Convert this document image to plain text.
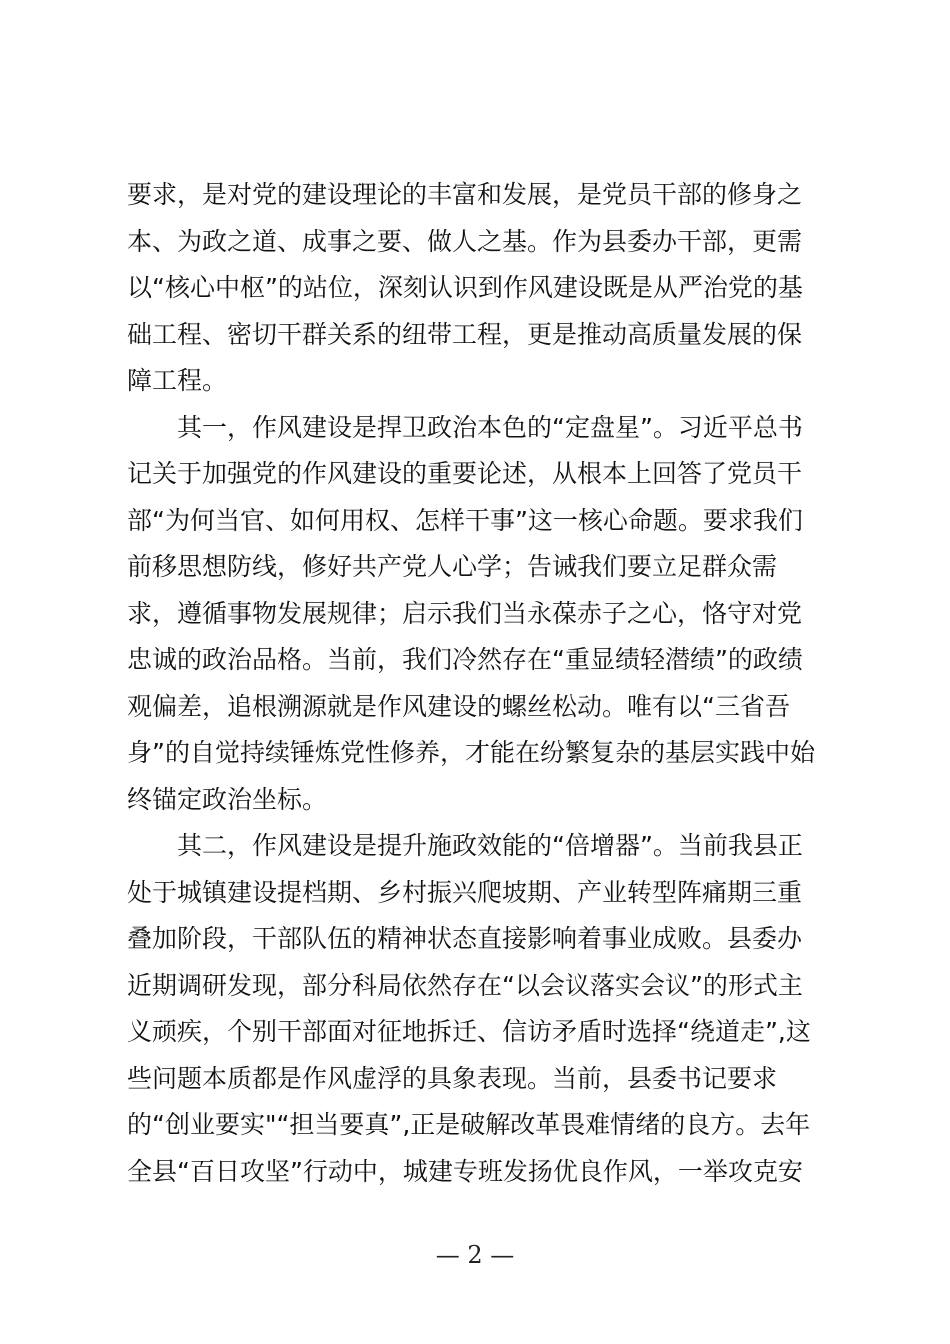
要求，是对党的建设理论的丰富和发展，是党员干部的修身之
本、为政之道、成事之要、做人之基。作为县委办干部，更需
以“核心中枢”的站位，深刻认识到作风建设既是从严治党的基
础工程、密切干群关系的纽带工程，更是推动高质量发展的保
障工程。
　　其一，作风建设是捍卫政治本色的“定盘星”。习近平总书
记关于加强党的作风建设的重要论述，从根本上回答了党员干
部“为何当官、如何用权、怎样干事”这一核心命题。要求我们
前移思想防线，修好共产党人心学；告诫我们要立足群众需
求，遵循事物发展规律；启示我们当永葆赤子之心，恪守对党
忠诚的政治品格。当前，我们冷然存在“重显绩轻潜绩”的政绩
观偏差，追根溯源就是作风建设的螺丝松动。唯有以“三省吾
身”的自觉持续锤炼党性修养，才能在纷繁复杂的基层实践中始
终锚定政治坐标。
　　其二，作风建设是提升施政效能的“倍增器”。当前我县正
处于城镇建设提档期、乡村振兴爬坡期、产业转型阵痛期三重
叠加阶段，干部队伍的精神状态直接影响着事业成败。县委办
近期调研发现，部分科局依然存在“以会议落实会议”的形式主
义顽疾，个别干部面对征地拆迁、信访矛盾时选择“绕道走”,这
些问题本质都是作风虚浮的具象表现。当前，县委书记要求
的“创业要实"“担当要真”,正是破解改革畏难情绪的良方。去年
全县“百日攻坚”行动中，城建专班发扬优良作风，一举攻克安
— 2 —
